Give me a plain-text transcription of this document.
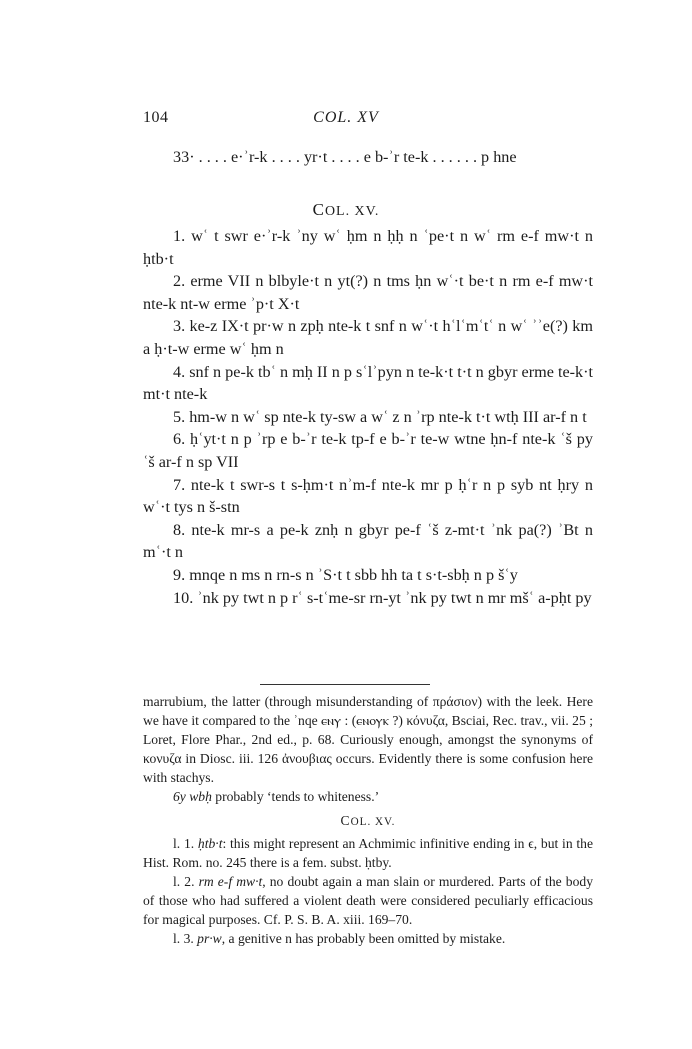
104	COL. XV

33· . . . . e·ʾr-k . . . . yr·t . . . . e b-ʾr te-k . . . . . . p hne

COL. XV.

1. wʿ t swr e·ʾr-k ʾny wʿ ḥm n ḥḥ n ʿpe·t n wʿ rm e-f mw·t n ḥtb·t

2. erme VII n blbyle·t n yt(?) n tms ḥn wʿ·t be·t n rm e-f mw·t nte-k nt-w erme ʾp·t X·t

3. ke-z IX·t pr·w n zpḥ nte-k t snf n wʿ·t hʿlʿmʿtʿ n wʿ ʾʾe(?) km a ḥ·t-w erme wʿ ḥm n

4. snf n pe-k tbʿ n mḥ II n p sʿlʾpyn n te-k·t t·t n gbyr erme te-k·t mt·t nte-k

5. hm-w n wʿ sp nte-k ty-sw a wʿ z n ʾrp nte-k t·t wtḥ III ar-f n t

6. ḥʿyt·t n p ʾrp e b-ʾr te-k tp-f e b-ʾr te-w wtne ḥn-f nte-k ʿš py ʿš ar-f n sp VII

7. nte-k t swr-s t s-ḥm·t nʾm-f nte-k mr p ḥʿr n p syb nt ḥry n wʿ·t tys n š-stn

8. nte-k mr-s a pe-k znḥ n gbyr pe-f ʿš z-mt·t ʾnk pa(?) ʾBt n mʿ·t n

9. mnqe n ms n rn-s n ʾS·t t sbb hh ta t s·t-sbḥ n p šʿy

10. ʾnk py twt n p rʿ s-tʿme-sr rn-yt ʾnk py twt n mr mšʿ a-pḥt py

marrubium, the latter (through misunderstanding of πράσιον) with the leek. Here we have it compared to the ʾnqe ⲉⲛⲩ : (ⲉⲛⲟⲩⲕ ?) κόνυζα, Bsciai, Rec. trav., vii. 25 ; Loret, Flore Phar., 2nd ed., p. 68. Curiously enough, amongst the synonyms of κονυζα in Diosc. iii. 126 ἀνουβιας occurs. Evidently there is some confusion here with stachys.

6y wbḥ probably ‘tends to whiteness.’

COL. XV.

l. 1. ḥtb·t: this might represent an Achmimic infinitive ending in ϵ, but in the Hist. Rom. no. 245 there is a fem. subst. ḥtby.

l. 2. rm e-f mw·t, no doubt again a man slain or murdered. Parts of the body of those who had suffered a violent death were considered peculiarly efficacious for magical purposes. Cf. P. S. B. A. xiii. 169–70.

l. 3. pr·w, a genitive n has probably been omitted by mistake.
